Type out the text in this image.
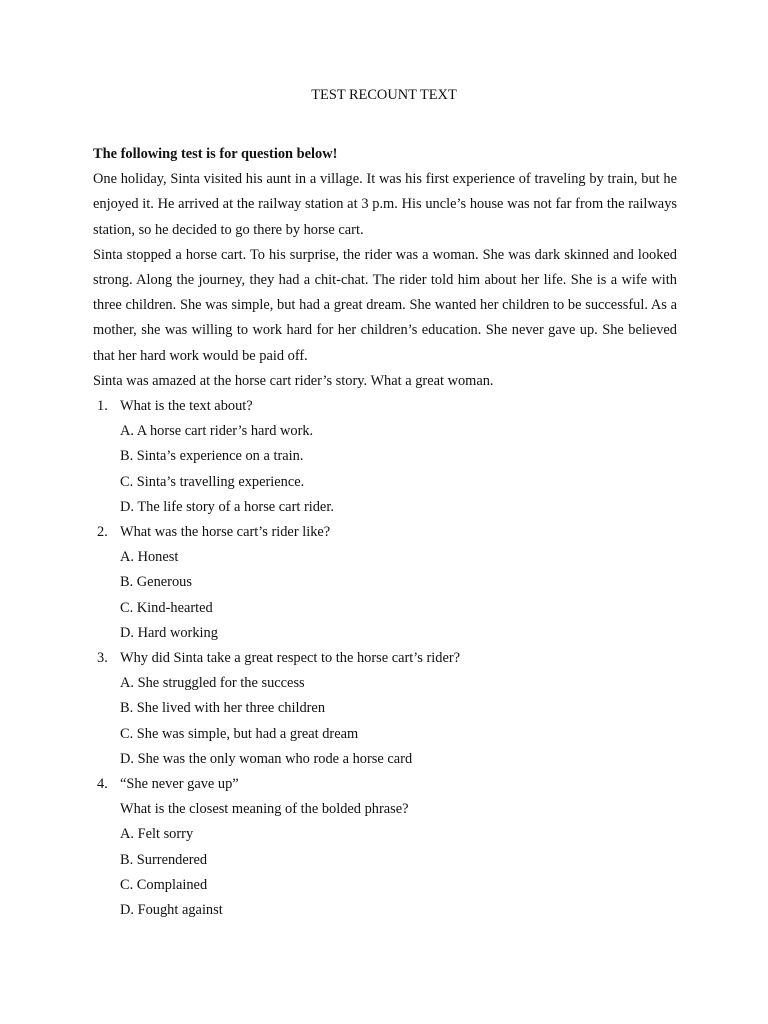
TEST RECOUNT TEXT
The following test is for question below!
One holiday, Sinta visited his aunt in a village. It was his first experience of traveling by train, but he enjoyed it. He arrived at the railway station at 3 p.m. His uncle’s house was not far from the railways station, so he decided to go there by horse cart.
Sinta stopped a horse cart. To his surprise, the rider was a woman. She was dark skinned and looked strong. Along the journey, they had a chit-chat. The rider told him about her life. She is a wife with three children. She was simple, but had a great dream. She wanted her children to be successful. As a mother, she was willing to work hard for her children’s education. She never gave up. She believed that her hard work would be paid off.
Sinta was amazed at the horse cart rider’s story. What a great woman.
1. What is the text about?
A. A horse cart rider’s hard work.
B. Sinta’s experience on a train.
C. Sinta’s travelling experience.
D. The life story of a horse cart rider.
2. What was the horse cart’s rider like?
A. Honest
B. Generous
C. Kind-hearted
D. Hard working
3. Why did Sinta take a great respect to the horse cart’s rider?
A. She struggled for the success
B. She lived with her three children
C. She was simple, but had a great dream
D. She was the only woman who rode a horse card
4. “She never gave up”
What is the closest meaning of the bolded phrase?
A. Felt sorry
B. Surrendered
C. Complained
D. Fought against
